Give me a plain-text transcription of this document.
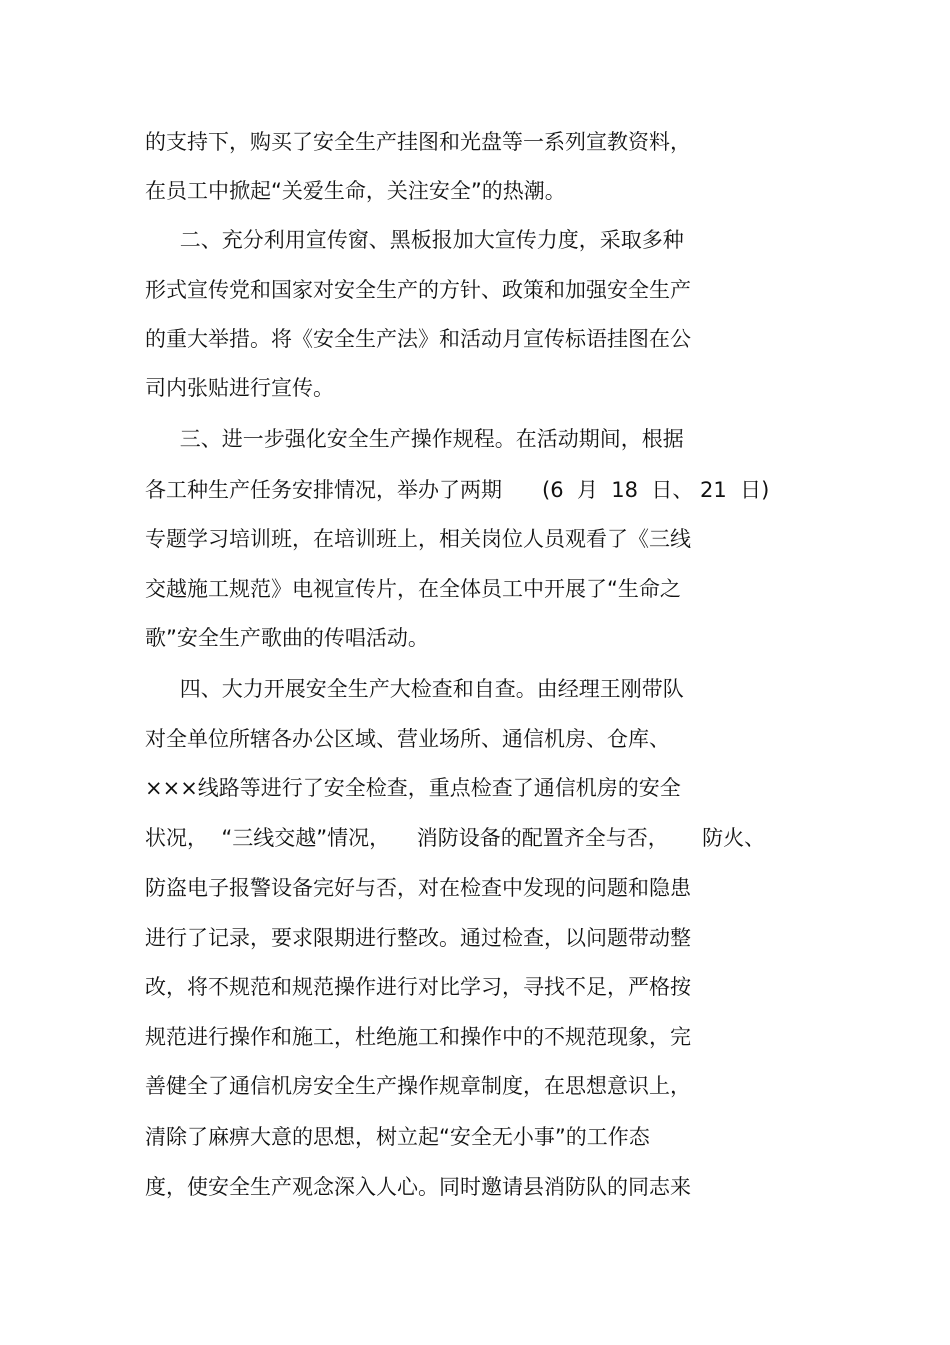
的支持下，购买了安全生产挂图和光盘等一系列宣教资料，
在员工中掀起“关爱生命，关注安全”的热潮。
二、充分利用宣传窗、黑板报加大宣传力度，采取多种
形式宣传党和国家对安全生产的方针、政策和加强安全生产
的重大举措。将《安全生产法》和活动月宣传标语挂图在公
司内张贴进行宣传。
三、进一步强化安全生产操作规程。在活动期间，根据
各工种生产任务安排情况，举办了两期      (6  月  18  日、 21  日)
专题学习培训班，在培训班上，相关岗位人员观看了《三线
交越施工规范》电视宣传片，在全体员工中开展了“生命之
歌”安全生产歌曲的传唱活动。
四、大力开展安全生产大检查和自查。由经理王刚带队
对全单位所辖各办公区域、营业场所、通信机房、仓库、
×××线路等进行了安全检查，重点检查了通信机房的安全
状况，  “三线交越”情况，    消防设备的配置齐全与否，     防火、
防盗电子报警设备完好与否，对在检查中发现的问题和隐患
进行了记录，要求限期进行整改。通过检查，以问题带动整
改，将不规范和规范操作进行对比学习，寻找不足，严格按
规范进行操作和施工，杜绝施工和操作中的不规范现象，完
善健全了通信机房安全生产操作规章制度，在思想意识上，
清除了麻痹大意的思想，树立起“安全无小事”的工作态
度，使安全生产观念深入人心。同时邀请县消防队的同志来
